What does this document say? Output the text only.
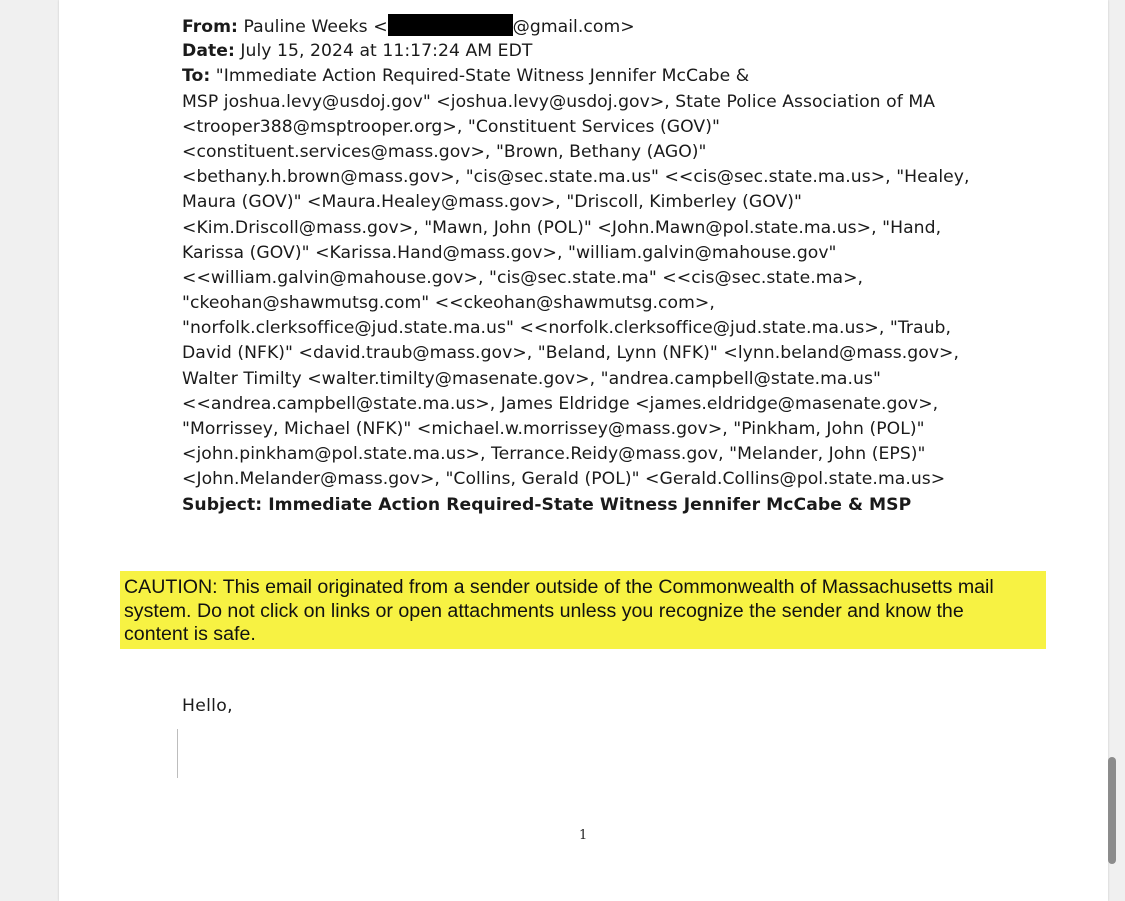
From: Pauline Weeks <	@gmail.com>
Date: July 15, 2024 at 11:17:24 AM EDT
To: "Immediate Action Required-State Witness Jennifer McCabe &
MSP joshua.levy@usdoj.gov" <joshua.levy@usdoj.gov>, State Police Association of MA
<trooper388@msptrooper.org>, "Constituent Services (GOV)"
<constituent.services@mass.gov>, "Brown, Bethany (AGO)"
<bethany.h.brown@mass.gov>, "cis@sec.state.ma.us" <<cis@sec.state.ma.us>, "Healey,
Maura (GOV)" <Maura.Healey@mass.gov>, "Driscoll, Kimberley (GOV)"
<Kim.Driscoll@mass.gov>, "Mawn, John (POL)" <John.Mawn@pol.state.ma.us>, "Hand,
Karissa (GOV)" <Karissa.Hand@mass.gov>, "william.galvin@mahouse.gov"
<<william.galvin@mahouse.gov>, "cis@sec.state.ma" <<cis@sec.state.ma>,
"ckeohan@shawmutsg.com" <<ckeohan@shawmutsg.com>,
"norfolk.clerksoffice@jud.state.ma.us" <<norfolk.clerksoffice@jud.state.ma.us>, "Traub,
David (NFK)" <david.traub@mass.gov>, "Beland, Lynn (NFK)" <lynn.beland@mass.gov>,
Walter Timilty <walter.timilty@masenate.gov>, "andrea.campbell@state.ma.us"
<<andrea.campbell@state.ma.us>, James Eldridge <james.eldridge@masenate.gov>,
"Morrissey, Michael (NFK)" <michael.w.morrissey@mass.gov>, "Pinkham, John (POL)"
<john.pinkham@pol.state.ma.us>, Terrance.Reidy@mass.gov, "Melander, John (EPS)"
<John.Melander@mass.gov>, "Collins, Gerald (POL)" <Gerald.Collins@pol.state.ma.us>
Subject: Immediate Action Required-State Witness Jennifer McCabe & MSP
CAUTION: This email originated from a sender outside of the Commonwealth of Massachusetts mail
system. Do not click on links or open attachments unless you recognize the sender and know the
content is safe.
Hello,
1
